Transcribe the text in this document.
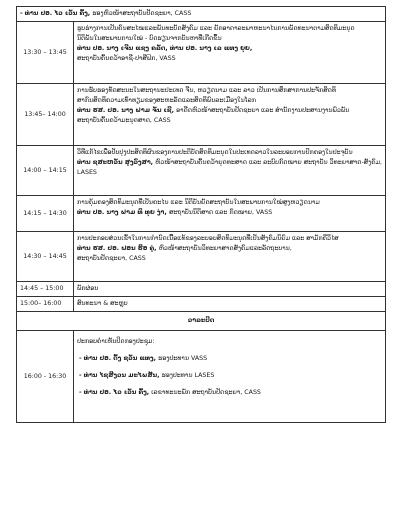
- ທ່ານ ປອ. ໄວ ເວັນ ຄົ້ງ, ຮອງຫົວໜ້າສະຖາບັນປັດຊະຍາ, CASS	
13:30 – 13:45	ຮູບຮ່າງການເປັນຄົນສະໄໝແລະພັນທະບັດສັງຄົມ ແລະ ຍັກອາດາລະພາຫະນາໄນການພັດທະນາຕາມສິດທິມະນຸດ
ນິຕິພັນໃນສະພາບການໃໝ່ - ບົດຮຽນຈາກບັນຫາທີ່ເກີດຂຶ້ນ
ທ່ານ ປອ. ນາງ ເຈີນ ແຊງ ຄລັດ, ທ່ານ ປອ. ນາງ ເລ ແທງ ຍຸຍ,
ສະຖາບັນຄົ້ນຄວ້າອາຊີ-ປາສີຟິກ, VASS

13:45– 14:00	ການຮັບຮອງທັດສະນະໃນສະຖານະປະເທດ ຈີນ, ຫວຽດນາມ ແລະ ລາວ ເປັນການສຶກສາການປະຈັກສິດທິ
ສາກົນສິດທິຄວາມເທົ່າທຽມຂອງສະຫະລັດແລະສິດທິພົນລະເມືອງໃນໂລກ
ທ່ານ ຮສ. ປອ. ນາງ ຟາມ ຈັນ ເຊີ, ອາດີດຫົວໜ້າສະຖາບັນປັດຊະຍາ ແລະ ສຳນັກງານປະສານງານພົວພັນ
ສະຖາບັນຄົ້ນຄວ້າມະນຸດສາດ, CASS

14:00 – 14:15	ວິທີແກ້ໄຂເພື່ອປັບປຸງປະສິດທິຜົນຂອງການປະຕິບັດສິດທິມະນຸດໃນປະເທດລາວໃນລະບອບການປົກຄອງໃນປະຈຸບັນ
ທ່ານ ຊສະຫວັນ ສູງວົງສາ, ຫົວໜ້າສະຖາບັນຄົ້ນຄວ້າຍຸດທະສາດ ແລະ ລະບົບກົດໝາຍ ສະຖາບັນ ວິທະຍາສາດ-ສັງຄົມ,
LASES

14:15 – 14:30	ການຄຸ້ມຄອງສິດທິມະນຸດທີ່ເປັນຄະໄນ ແລະ ນິຕິບັນຍັດສະຖາບັນໃນສະພາບການໃໝ່ສູງຫວຽດນາມ
ທ່ານ ປອ. ນາງ ຟາມ ທິ ທຸຍ ງ່າ, ສະຖາບັນນິຕິສາດ ແລະ ກົດໝາຍ, VASS

14:30 – 14:45	ການປະກອບສ່ວນເຂົ້າໃນການກຳນົດເນື້ອແທ້ຂອງລະບອບສິດທິມະນຸດທີ່ເປັນສັງຄົມນິຍົມ ແລະ ສາມັກຄີວິໄສ
ທ່ານ ຮສ. ປອ. ຝອນ ຮິອ ຄູ່, ຫົວໜ້າສະຖາບັນວິທະຍາສາດສັງຄົມແລະລັດຖະບານ,
ສະຖາບັນປັດຊະຍາ, CASS

14:45 – 15:00	ພັກຜ່ອນ
15:00– 16:00	ສົນທະນາ & ສະຫຼຸບ
ວາລະປິດ	
16:00 - 16:30	ປະກອບຄຳເຫັນປິດກອງປະຊຸມ:
- ທ່ານ ປອ. ດົ້ງ ຊວັນ ແທງ, ຮອງປະທານ VASS
- ທ່ານ ໄຊສີງວນ ມະໄພສັນ, ຮອງປະທານ LASES
- ທ່ານ ປອ. ໄວ ເວັນ ຄົ້ງ, ເລຂາທະນະພັກ ສະຖາບັນປັດຊະຍາ, CASS
